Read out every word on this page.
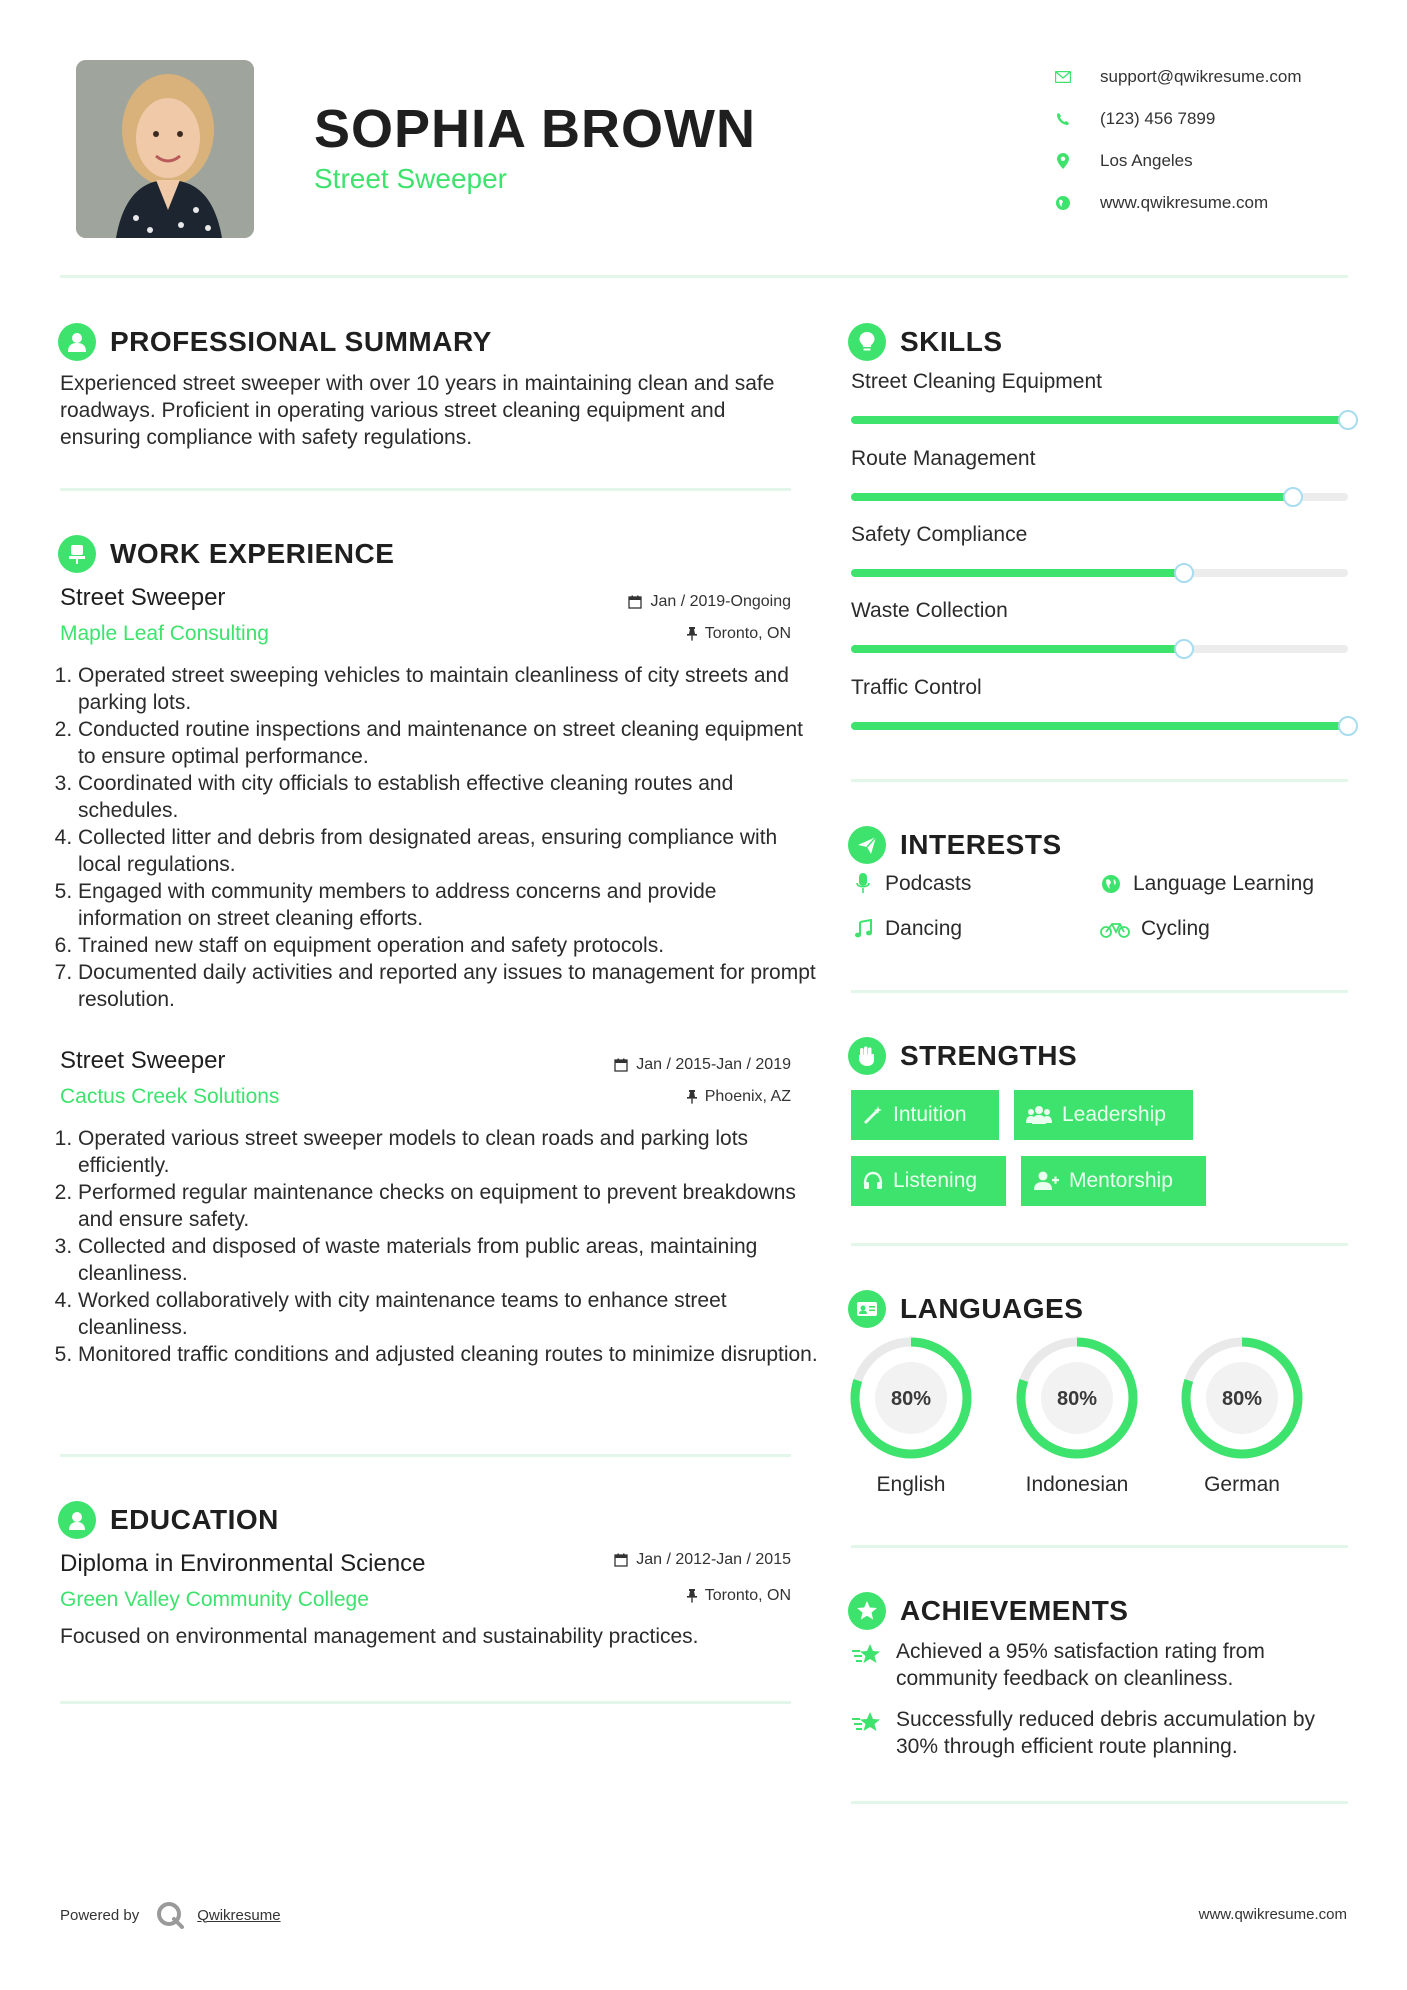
SOPHIA BROWN
Street Sweeper
support@qwikresume.com
(123) 456 7899
Los Angeles
www.qwikresume.com
PROFESSIONAL SUMMARY
Experienced street sweeper with over 10 years in maintaining clean and safe roadways. Proficient in operating various street cleaning equipment and ensuring compliance with safety regulations.
WORK EXPERIENCE
Street Sweeper
Maple Leaf Consulting
Jan / 2019-Ongoing
Toronto, ON
1. Operated street sweeping vehicles to maintain cleanliness of city streets and parking lots.
2. Conducted routine inspections and maintenance on street cleaning equipment to ensure optimal performance.
3. Coordinated with city officials to establish effective cleaning routes and schedules.
4. Collected litter and debris from designated areas, ensuring compliance with local regulations.
5. Engaged with community members to address concerns and provide information on street cleaning efforts.
6. Trained new staff on equipment operation and safety protocols.
7. Documented daily activities and reported any issues to management for prompt resolution.
Street Sweeper
Cactus Creek Solutions
Jan / 2015-Jan / 2019
Phoenix, AZ
1. Operated various street sweeper models to clean roads and parking lots efficiently.
2. Performed regular maintenance checks on equipment to prevent breakdowns and ensure safety.
3. Collected and disposed of waste materials from public areas, maintaining cleanliness.
4. Worked collaboratively with city maintenance teams to enhance street cleanliness.
5. Monitored traffic conditions and adjusted cleaning routes to minimize disruption.
EDUCATION
Diploma in Environmental Science
Green Valley Community College
Jan / 2012-Jan / 2015
Toronto, ON
Focused on environmental management and sustainability practices.
SKILLS
Street Cleaning Equipment
Route Management
Safety Compliance
Waste Collection
Traffic Control
INTERESTS
Podcasts	Language Learning
Dancing	Cycling
STRENGTHS
Intuition	Leadership
Listening	Mentorship
LANGUAGES
80%
English
80%
Indonesian
80%
German
ACHIEVEMENTS
Achieved a 95% satisfaction rating from community feedback on cleanliness.
Successfully reduced debris accumulation by 30% through efficient route planning.
Powered by	Qwikresume	www.qwikresume.com
